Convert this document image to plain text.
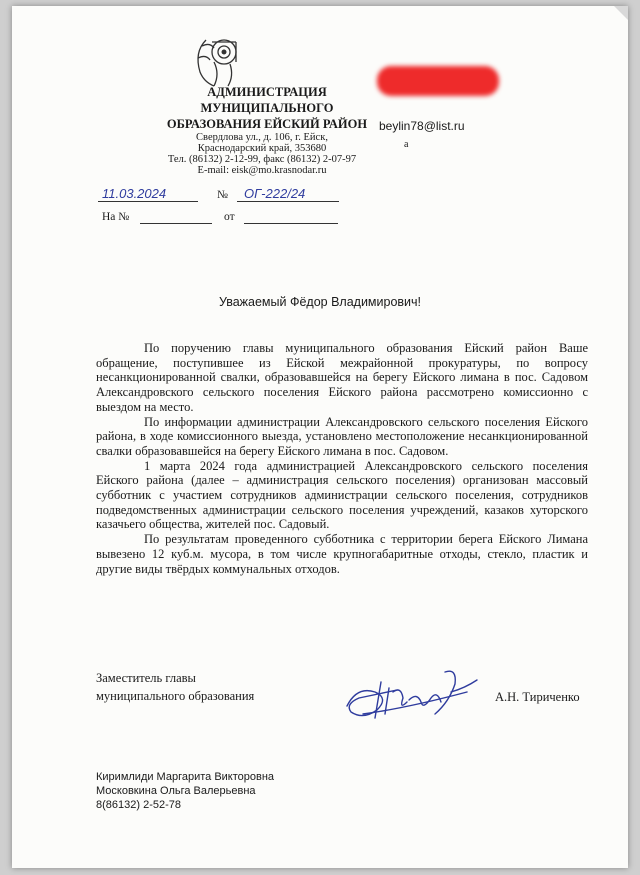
АДМИНИСТРАЦИЯ
МУНИЦИПАЛЬНОГО
ОБРАЗОВАНИЯ ЕЙСКИЙ РАЙОН
Свердлова ул., д. 106, г. Ейск,
Краснодарский край, 353680
Тел. (86132) 2-12-99, факс (86132) 2-07-97
E-mail: eisk@mo.krasnodar.ru
beylin78@list.ru
а
11.03.2024	№ ОГ-222/24
На №	от
Уважаемый Фёдор Владимирович!

По поручению главы муниципального образования Ейский район Ваше обращение, поступившее из Ейской межрайонной прокуратуры, по вопросу несанкционированной свалки, образовавшейся на берегу Ейского лимана в пос. Садовом Александровского сельского поселения Ейского района рассмотрено комиссионно с выездом на место.

По информации администрации Александровского сельского поселения Ейского района, в ходе комиссионного выезда, установлено местоположение несанкционированной свалки образовавшейся на берегу Ейского лимана в пос. Садовом.

1 марта 2024 года администрацией Александровского сельского поселения Ейского района (далее – администрация сельского поселения) организован массовый субботник с участием сотрудников администрации сельского поселения, сотрудников подведомственных администрации сельского поселения учреждений, казаков хуторского казачьего общества, жителей пос. Садовый.

По результатам проведенного субботника с территории берега Ейского Лимана вывезено 12 куб.м. мусора, в том числе крупногабаритные отходы, стекло, пластик и другие виды твёрдых коммунальных отходов.

Заместитель главы
муниципального образования	А.Н. Тириченко
Киримлиди Маргарита Викторовна
Московкина Ольга Валерьевна
8(86132) 2-52-78
